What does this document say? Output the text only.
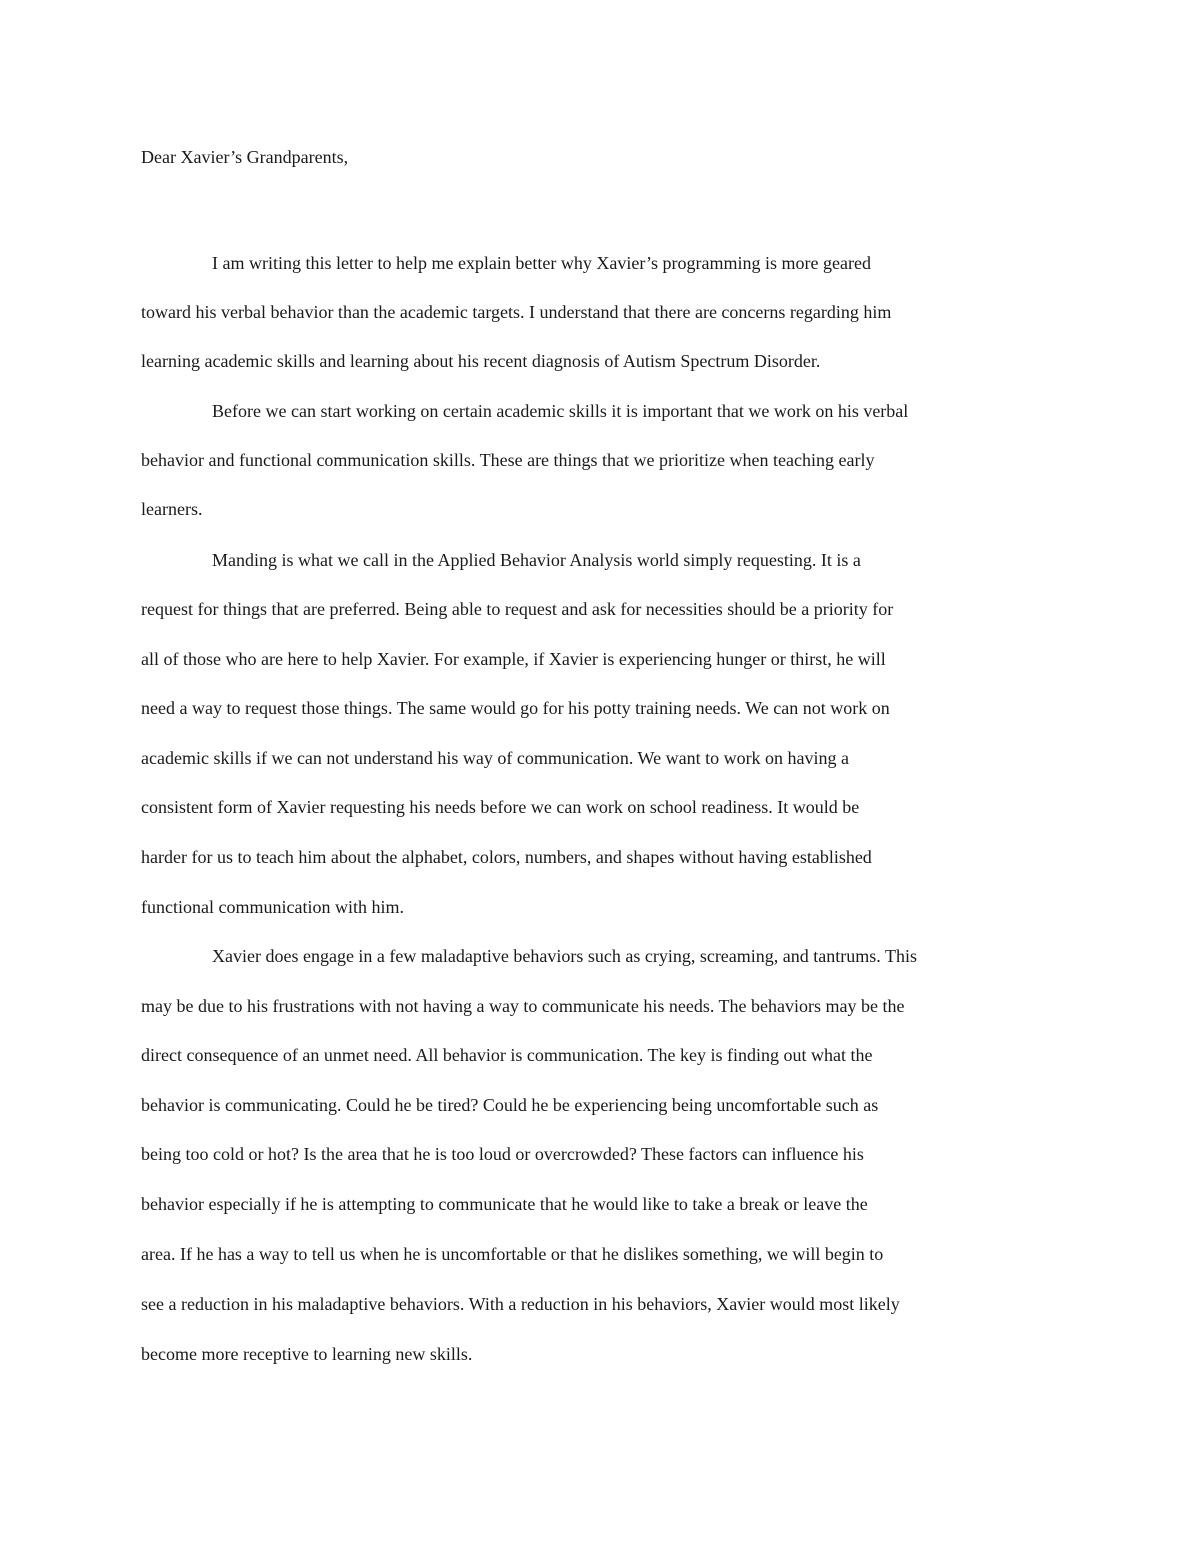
Dear Xavier’s Grandparents,

I am writing this letter to help me explain better why Xavier’s programming is more geared

toward his verbal behavior than the academic targets. I understand that there are concerns regarding him

learning academic skills and learning about his recent diagnosis of Autism Spectrum Disorder.

Before we can start working on certain academic skills it is important that we work on his verbal

behavior and functional communication skills. These are things that we prioritize when teaching early

learners.

Manding is what we call in the Applied Behavior Analysis world simply requesting. It is a

request for things that are preferred. Being able to request and ask for necessities should be a priority for

all of those who are here to help Xavier. For example, if Xavier is experiencing hunger or thirst, he will

need a way to request those things. The same would go for his potty training needs. We can not work on

academic skills if we can not understand his way of communication. We want to work on having a

consistent form of Xavier requesting his needs before we can work on school readiness. It would be

harder for us to teach him about the alphabet, colors, numbers, and shapes without having established

functional communication with him.

Xavier does engage in a few maladaptive behaviors such as crying, screaming, and tantrums. This

may be due to his frustrations with not having a way to communicate his needs. The behaviors may be the

direct consequence of an unmet need. All behavior is communication. The key is finding out what the

behavior is communicating. Could he be tired? Could he be experiencing being uncomfortable such as

being too cold or hot? Is the area that he is too loud or overcrowded? These factors can influence his

behavior especially if he is attempting to communicate that he would like to take a break or leave the

area. If he has a way to tell us when he is uncomfortable or that he dislikes something, we will begin to

see a reduction in his maladaptive behaviors. With a reduction in his behaviors, Xavier would most likely

become more receptive to learning new skills.
